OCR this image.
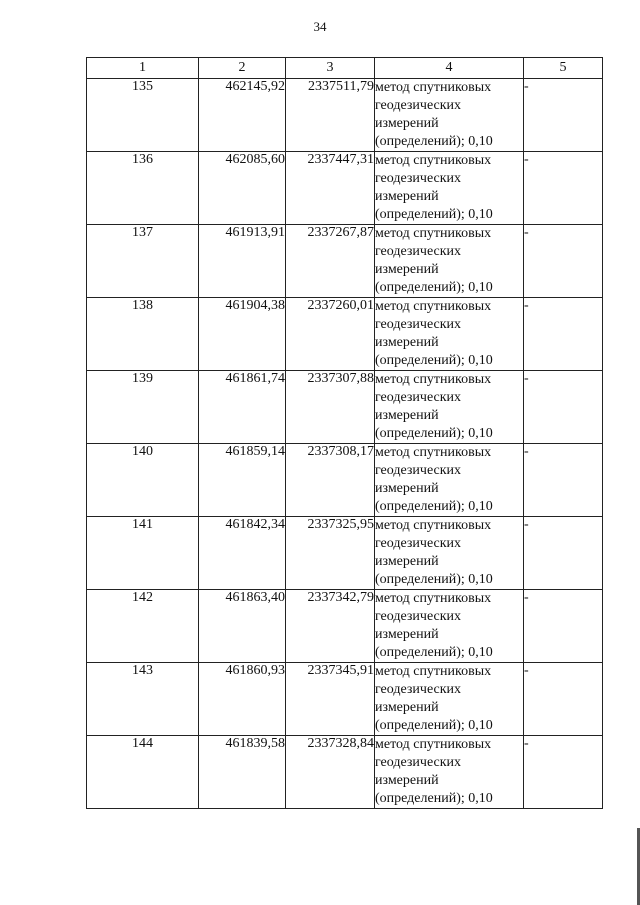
34
1	2	3	4	5
135	462145,92	2337511,79	метод спутниковых
геодезических
измерений
(определений); 0,10	-
136	462085,60	2337447,31	метод спутниковых
геодезических
измерений
(определений); 0,10	-
137	461913,91	2337267,87	метод спутниковых
геодезических
измерений
(определений); 0,10	-
138	461904,38	2337260,01	метод спутниковых
геодезических
измерений
(определений); 0,10	-
139	461861,74	2337307,88	метод спутниковых
геодезических
измерений
(определений); 0,10	-
140	461859,14	2337308,17	метод спутниковых
геодезических
измерений
(определений); 0,10	-
141	461842,34	2337325,95	метод спутниковых
геодезических
измерений
(определений); 0,10	-
142	461863,40	2337342,79	метод спутниковых
геодезических
измерений
(определений); 0,10	-
143	461860,93	2337345,91	метод спутниковых
геодезических
измерений
(определений); 0,10	-
144	461839,58	2337328,84	метод спутниковых
геодезических
измерений
(определений); 0,10	-
